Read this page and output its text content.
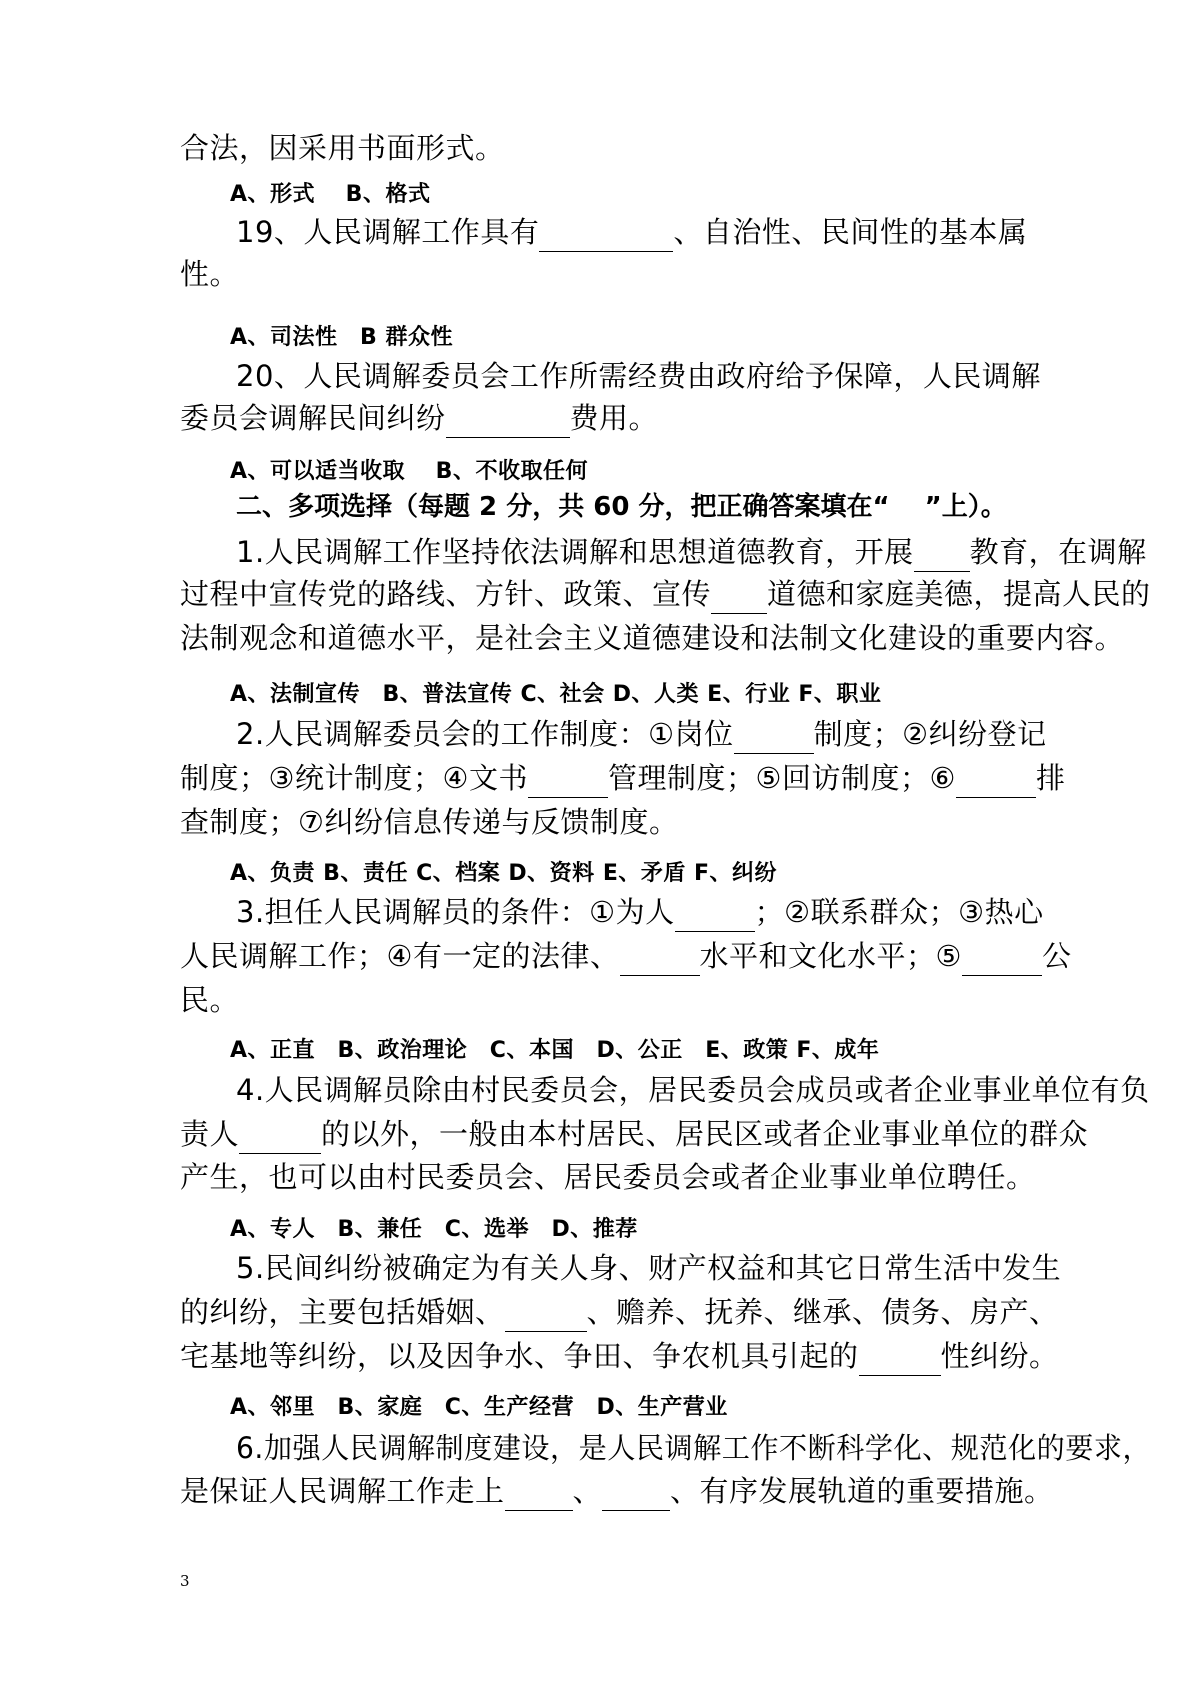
合法，因采用书面形式。
A、形式　 B、格式
19、人民调解工作具有	、自治性、民间性的基本属
性。
A、司法性　B 群众性
20、人民调解委员会工作所需经费由政府给予保障，人民调解
委员会调解民间纠纷	费用。
A、可以适当收取　 B、不收取任何
二、多项选择（每题 2 分，共 60 分，把正确答案填在“　 ”上）。
1.人民调解工作坚持依法调解和思想道德教育，开展 教育，在调解
过程中宣传党的路线、方针、政策、宣传 道德和家庭美德，提高人民的
法制观念和道德水平，是社会主义道德建设和法制文化建设的重要内容。
A、法制宣传　B、普法宣传 C、社会 D、人类 E、行业 F、职业
2.人民调解委员会的工作制度：①岗位	制度；②纠纷登记
制度；③统计制度；④文书	管理制度；⑤回访制度；⑥	排
查制度；⑦纠纷信息传递与反馈制度。
A、负责 B、责任 C、档案 D、资料 E、矛盾 F、纠纷
3.担任人民调解员的条件：①为人	；②联系群众；③热心
人民调解工作；④有一定的法律、	水平和文化水平；⑤	公
民。
A、正直　B、政治理论　C、本国　D、公正　E、政策 F、成年
4.人民调解员除由村民委员会，居民委员会成员或者企业事业单位有负
责人	的以外，一般由本村居民、居民区或者企业事业单位的群众
产生，也可以由村民委员会、居民委员会或者企业事业单位聘任。
A、专人　B、兼任　C、选举　D、推荐
5.民间纠纷被确定为有关人身、财产权益和其它日常生活中发生
的纠纷，主要包括婚姻、	、赡养、抚养、继承、债务、房产、
宅基地等纠纷，以及因争水、争田、争农机具引起的	性纠纷。
A、邻里　B、家庭　C、生产经营　D、生产营业
6.加强人民调解制度建设，是人民调解工作不断科学化、规范化的要求，
是保证人民调解工作走上 、 、有序发展轨道的重要措施。
3
